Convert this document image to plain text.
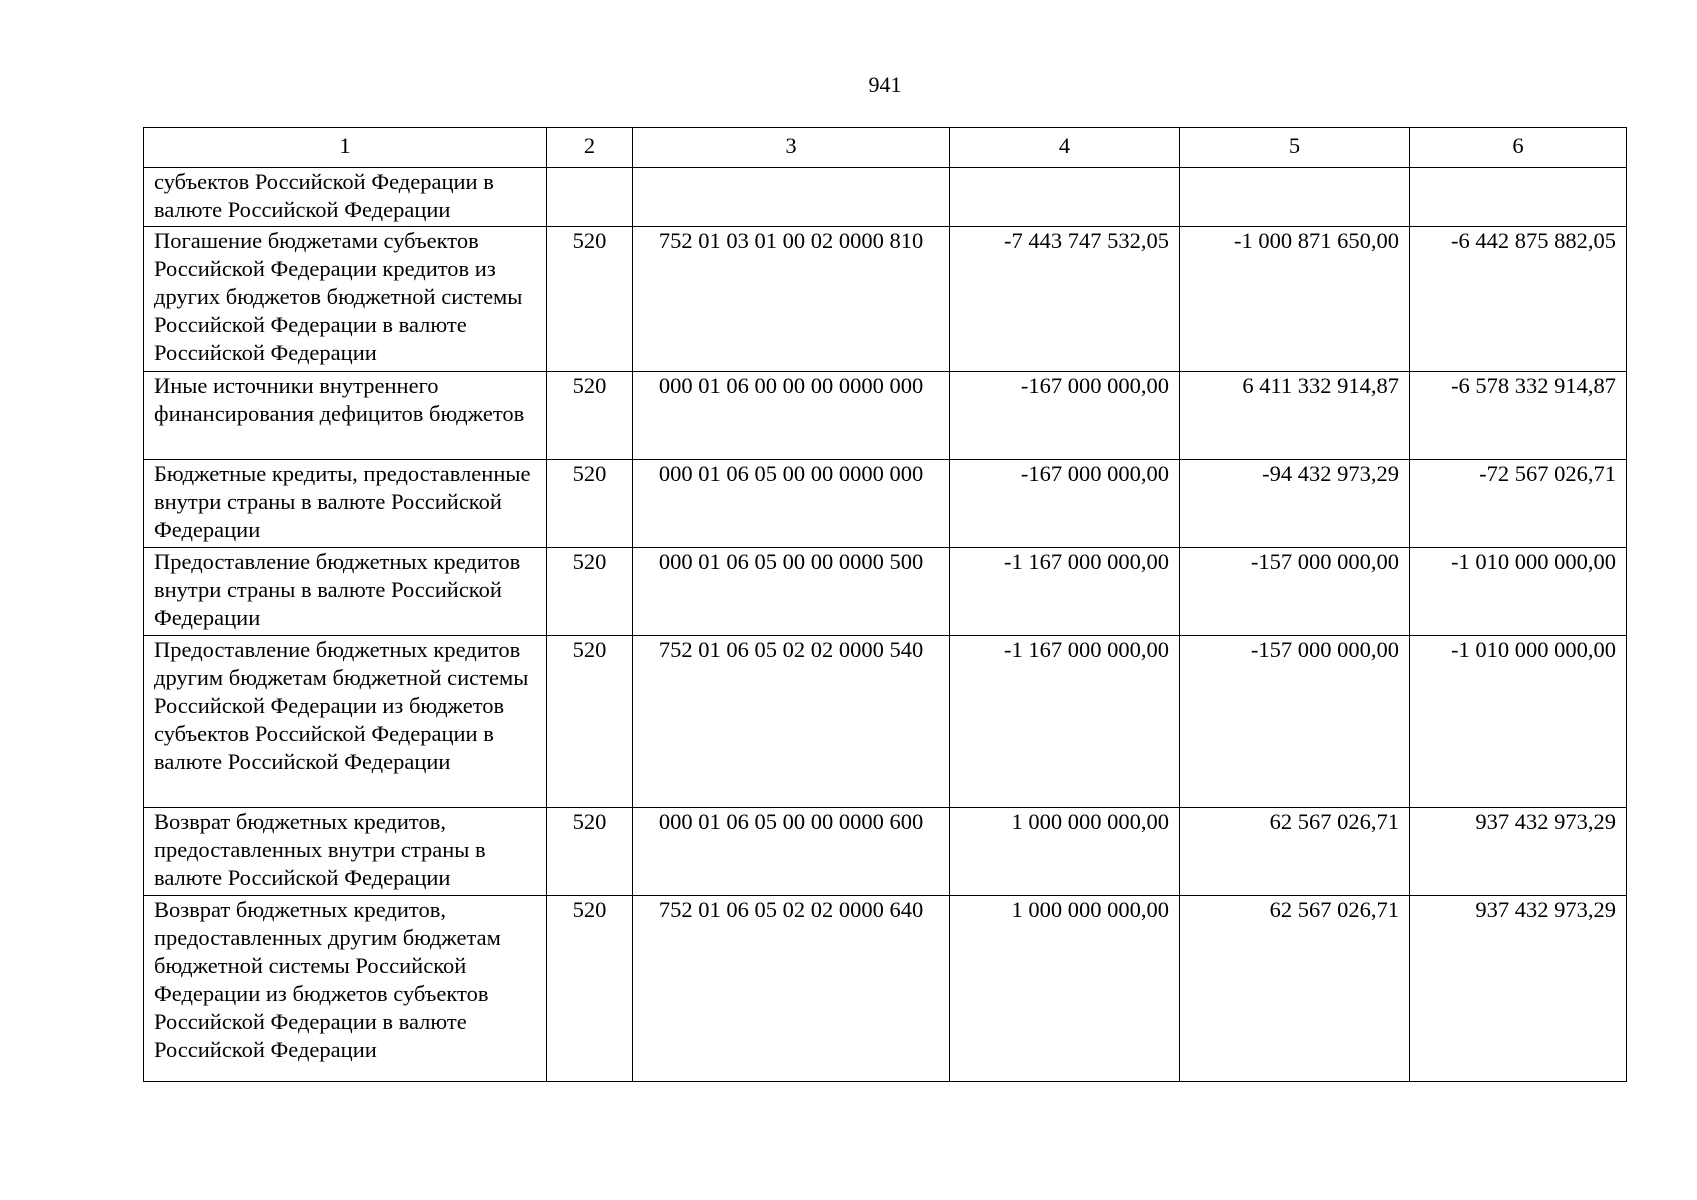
941
1	2	3	4	5	6
субъектов Российской Федерации в валюте Российской Федерации					
Погашение бюджетами субъектов Российской Федерации кредитов из других бюджетов бюджетной системы Российской Федерации в валюте Российской Федерации	520	752 01 03 01 00 02 0000 810	-7 443 747 532,05	-1 000 871 650,00	-6 442 875 882,05
Иные источники внутреннего финансирования дефицитов бюджетов	520	000 01 06 00 00 00 0000 000	-167 000 000,00	6 411 332 914,87	-6 578 332 914,87
Бюджетные кредиты, предоставленные внутри страны в валюте Российской Федерации	520	000 01 06 05 00 00 0000 000	-167 000 000,00	-94 432 973,29	-72 567 026,71
Предоставление бюджетных кредитов внутри страны в валюте Российской Федерации	520	000 01 06 05 00 00 0000 500	-1 167 000 000,00	-157 000 000,00	-1 010 000 000,00
Предоставление бюджетных кредитов другим бюджетам бюджетной системы Российской Федерации из бюджетов субъектов Российской Федерации в валюте Российской Федерации	520	752 01 06 05 02 02 0000 540	-1 167 000 000,00	-157 000 000,00	-1 010 000 000,00
Возврат бюджетных кредитов, предоставленных внутри страны в валюте Российской Федерации	520	000 01 06 05 00 00 0000 600	1 000 000 000,00	62 567 026,71	937 432 973,29
Возврат бюджетных кредитов, предоставленных другим бюджетам бюджетной системы Российской Федерации из бюджетов субъектов Российской Федерации в валюте Российской Федерации	520	752 01 06 05 02 02 0000 640	1 000 000 000,00	62 567 026,71	937 432 973,29
